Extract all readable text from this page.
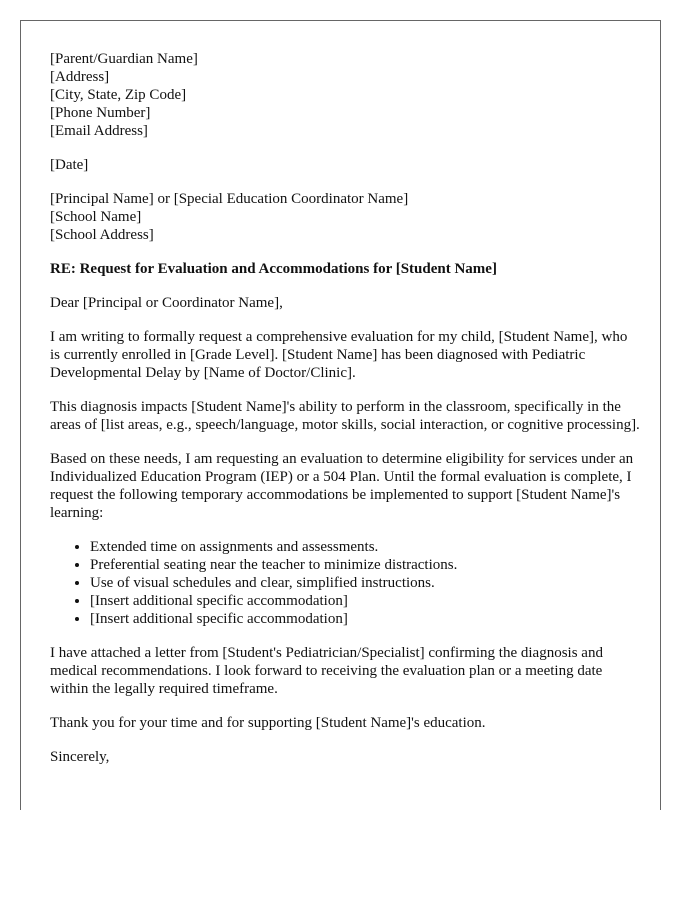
[Parent/Guardian Name]
[Address]
[City, State, Zip Code]
[Phone Number]
[Email Address]
[Date]
[Principal Name] or [Special Education Coordinator Name]
[School Name]
[School Address]

RE: Request for Evaluation and Accommodations for [Student Name]

Dear [Principal or Coordinator Name],

I am writing to formally request a comprehensive evaluation for my child, [Student Name], who is currently enrolled in [Grade Level]. [Student Name] has been diagnosed with Pediatric Developmental Delay by [Name of Doctor/Clinic].

This diagnosis impacts [Student Name]'s ability to perform in the classroom, specifically in the areas of [list areas, e.g., speech/language, motor skills, social interaction, or cognitive processing].

Based on these needs, I am requesting an evaluation to determine eligibility for services under an Individualized Education Program (IEP) or a 504 Plan. Until the formal evaluation is complete, I request the following temporary accommodations be implemented to support [Student Name]'s learning:

• Extended time on assignments and assessments.
• Preferential seating near the teacher to minimize distractions.
• Use of visual schedules and clear, simplified instructions.
• [Insert additional specific accommodation]
• [Insert additional specific accommodation]

I have attached a letter from [Student's Pediatrician/Specialist] confirming the diagnosis and medical recommendations. I look forward to receiving the evaluation plan or a meeting date within the legally required timeframe.

Thank you for your time and for supporting [Student Name]'s education.

Sincerely,
